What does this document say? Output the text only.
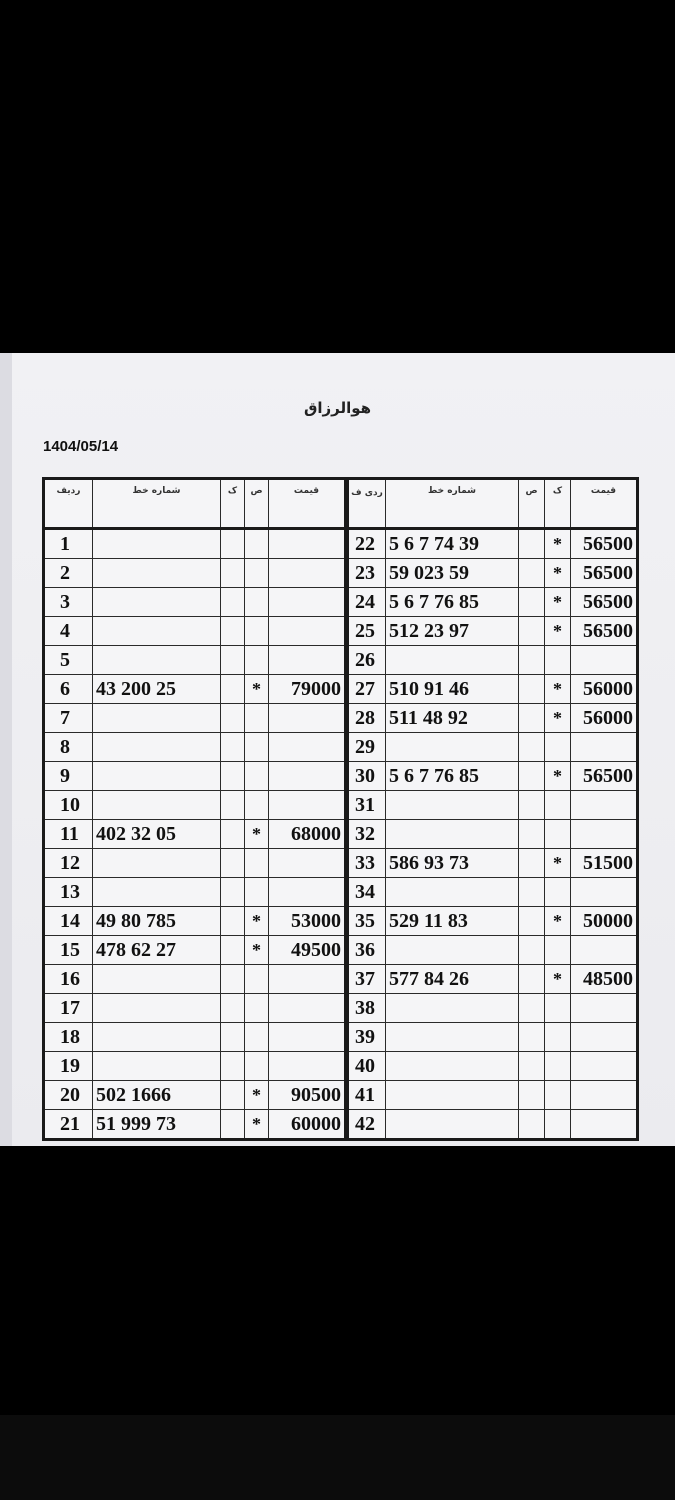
هوالرزاق
1404/05/14
ردیف	شماره خط	ک	ص	قیمت
1				
2				
3				
4				
5				
6	43 200 25		*	79000
7				
8				
9				
10				
11	402 32 05		*	68000
12				
13				
14	49 80 785		*	53000
15	478 62 27		*	49500
16				
17				
18				
19				
20	502 1666		*	90500
21	51 999 73		*	60000
ردی ف	شماره خط	ص	ک	قیمت
22	5 6 7 74 39		*	56500
23	59 023 59		*	56500
24	5 6 7 76 85		*	56500
25	512 23 97		*	56500
26				
27	510 91 46		*	56000
28	511 48 92		*	56000
29				
30	5 6 7 76 85		*	56500
31				
32				
33	586 93 73		*	51500
34				
35	529 11 83		*	50000
36				
37	577 84 26		*	48500
38				
39				
40				
41				
42				
